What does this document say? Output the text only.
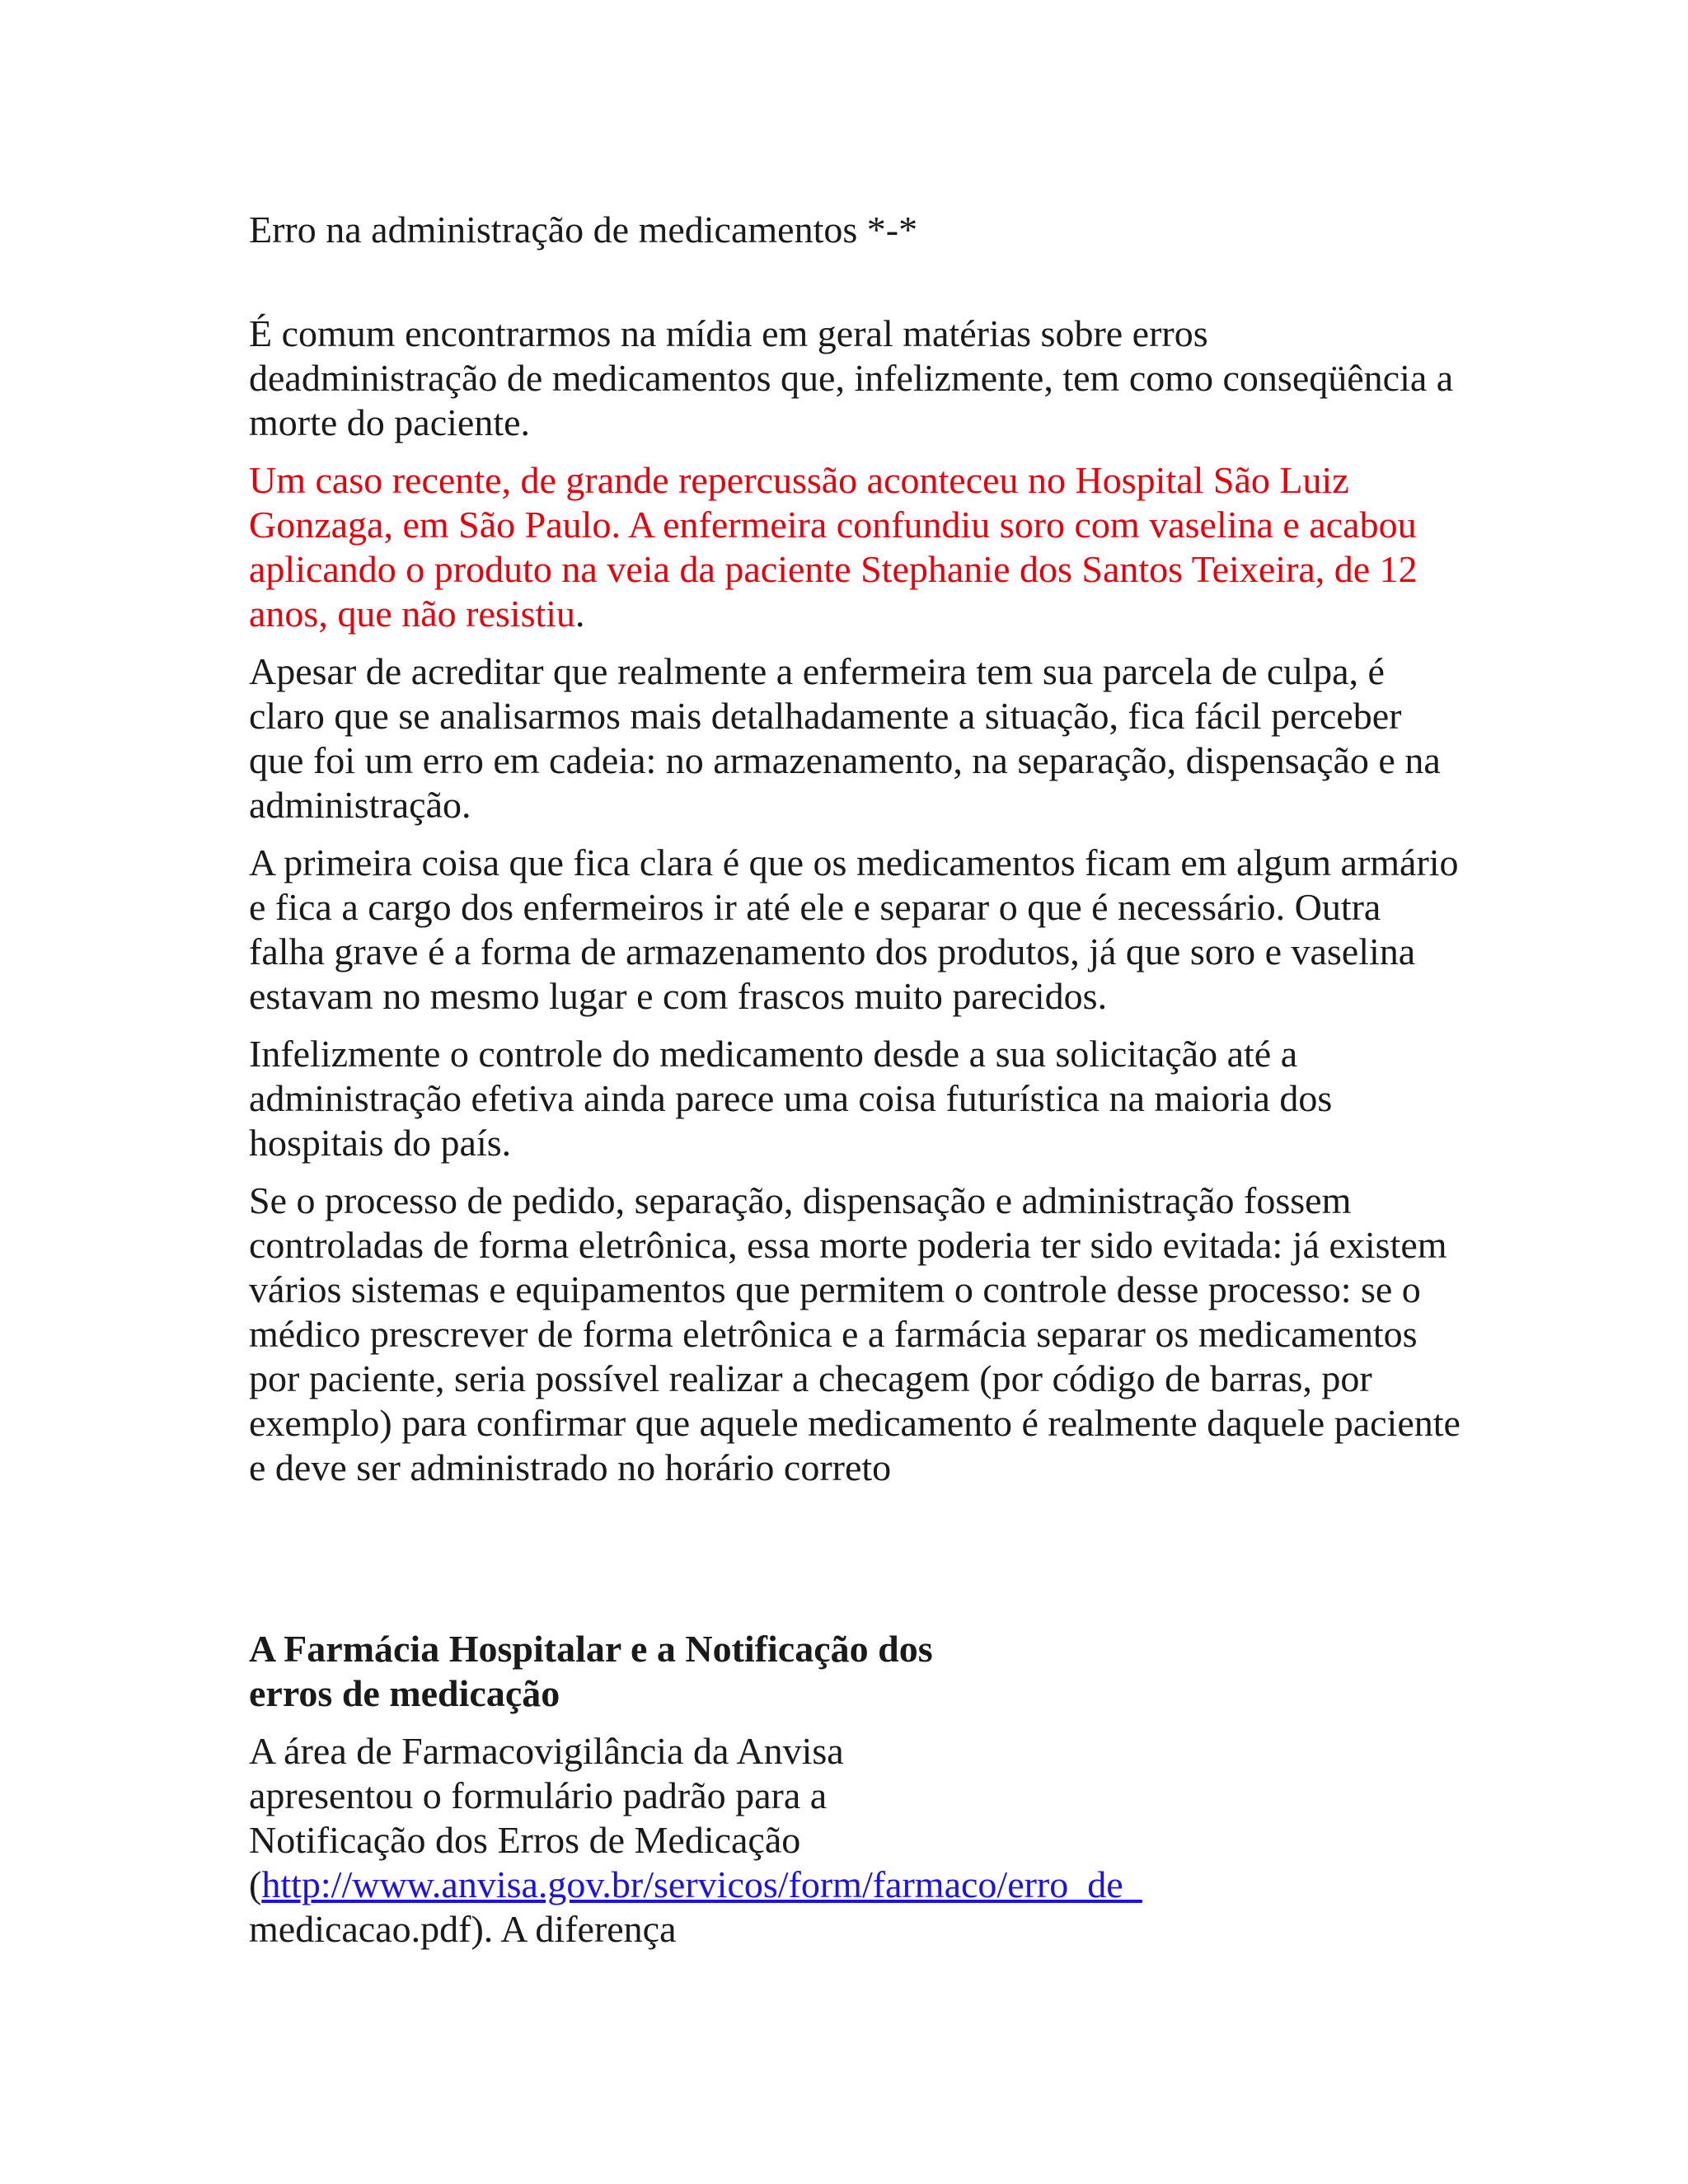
Erro na administração de medicamentos *-*

É comum encontrarmos na mídia em geral matérias sobre erros deadministração de medicamentos que, infelizmente, tem como conseqüência a morte do paciente.

Um caso recente, de grande repercussão aconteceu no Hospital São Luiz Gonzaga, em São Paulo. A enfermeira confundiu soro com vaselina e acabou aplicando o produto na veia da paciente Stephanie dos Santos Teixeira, de 12 anos, que não resistiu.

Apesar de acreditar que realmente a enfermeira tem sua parcela de culpa, é claro que se analisarmos mais detalhadamente a situação, fica fácil perceber que foi um erro em cadeia: no armazenamento, na separação, dispensação e na administração.

A primeira coisa que fica clara é que os medicamentos ficam em algum armário e fica a cargo dos enfermeiros ir até ele e separar o que é necessário. Outra falha grave é a forma de armazenamento dos produtos, já que soro e vaselina estavam no mesmo lugar e com frascos muito parecidos.

Infelizmente o controle do medicamento desde a sua solicitação até a administração efetiva ainda parece uma coisa futurística na maioria dos hospitais do país.

Se o processo de pedido, separação, dispensação e administração fossem controladas de forma eletrônica, essa morte poderia ter sido evitada: já existem vários sistemas e equipamentos que permitem o controle desse processo: se o médico prescrever de forma eletrônica e a farmácia separar os medicamentos por paciente, seria possível realizar a checagem (por código de barras, por exemplo) para confirmar que aquele medicamento é realmente daquele paciente e deve ser administrado no horário correto

A Farmácia Hospitalar e a Notificação dos erros de medicação

A área de Farmacovigilância da Anvisa apresentou o formulário padrão para a Notificação dos Erros de Medicação (http://www.anvisa.gov.br/servicos/form/farmaco/erro_de_ medicacao.pdf). A diferença
